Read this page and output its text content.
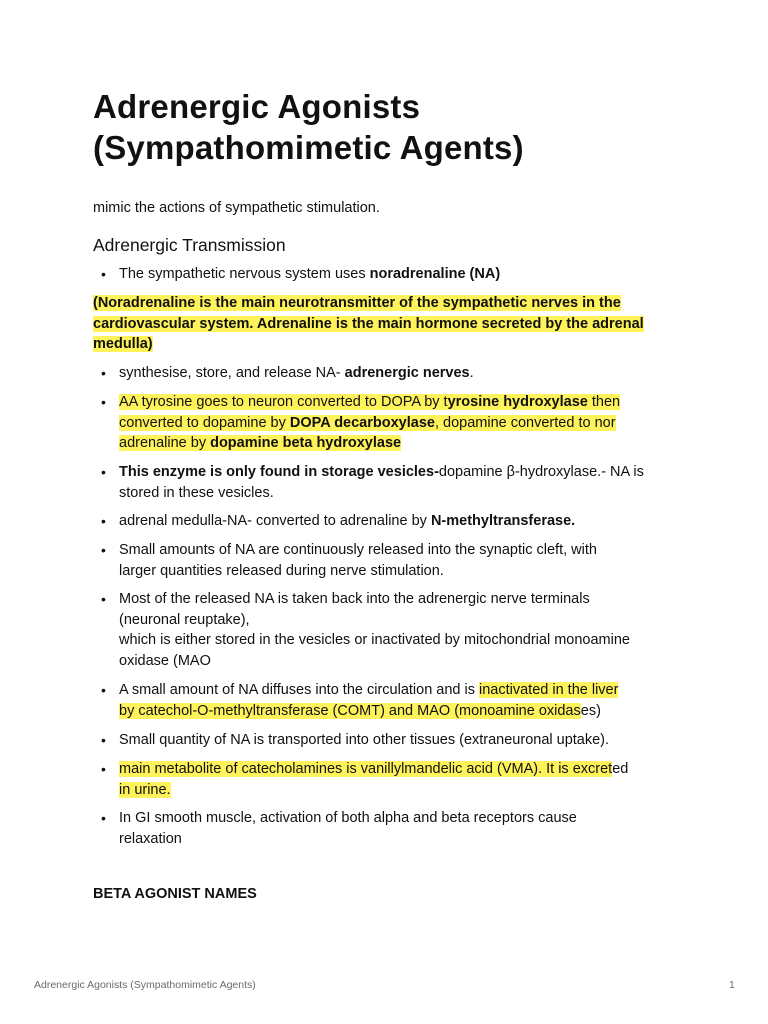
Adrenergic Agonists
(Sympathomimetic Agents)

mimic the actions of sympathetic stimulation.

Adrenergic Transmission
• The sympathetic nervous system uses noradrenaline (NA)
(Noradrenaline is the main neurotransmitter of the sympathetic nerves in the
cardiovascular system. Adrenaline is the main hormone secreted by the adrenal
medulla)
• synthesise, store, and release NA- adrenergic nerves.
• AA tyrosine goes to neuron converted to DOPA by tyrosine hydroxylase then
converted to dopamine by DOPA decarboxylase, dopamine converted to nor
adrenaline by dopamine beta hydroxylase
• This enzyme is only found in storage vesicles-dopamine β-hydroxylase.- NA is
stored in these vesicles.
• adrenal medulla-NA- converted to adrenaline by N-methyltransferase.
• Small amounts of NA are continuously released into the synaptic cleft, with
larger quantities released during nerve stimulation.
• Most of the released NA is taken back into the adrenergic nerve terminals
(neuronal reuptake),
which is either stored in the vesicles or inactivated by mitochondrial monoamine
oxidase (MAO
• A small amount of NA diffuses into the circulation and is inactivated in the liver
by catechol-O-methyltransferase (COMT) and MAO (monoamine oxidases)
• Small quantity of NA is transported into other tissues (extraneuronal uptake).
• main metabolite of catecholamines is vanillylmandelic acid (VMA). It is excreted
in urine.
• In GI smooth muscle, activation of both alpha and beta receptors cause
relaxation

BETA AGONIST NAMES

Adrenergic Agonists (Sympathomimetic Agents)	1
